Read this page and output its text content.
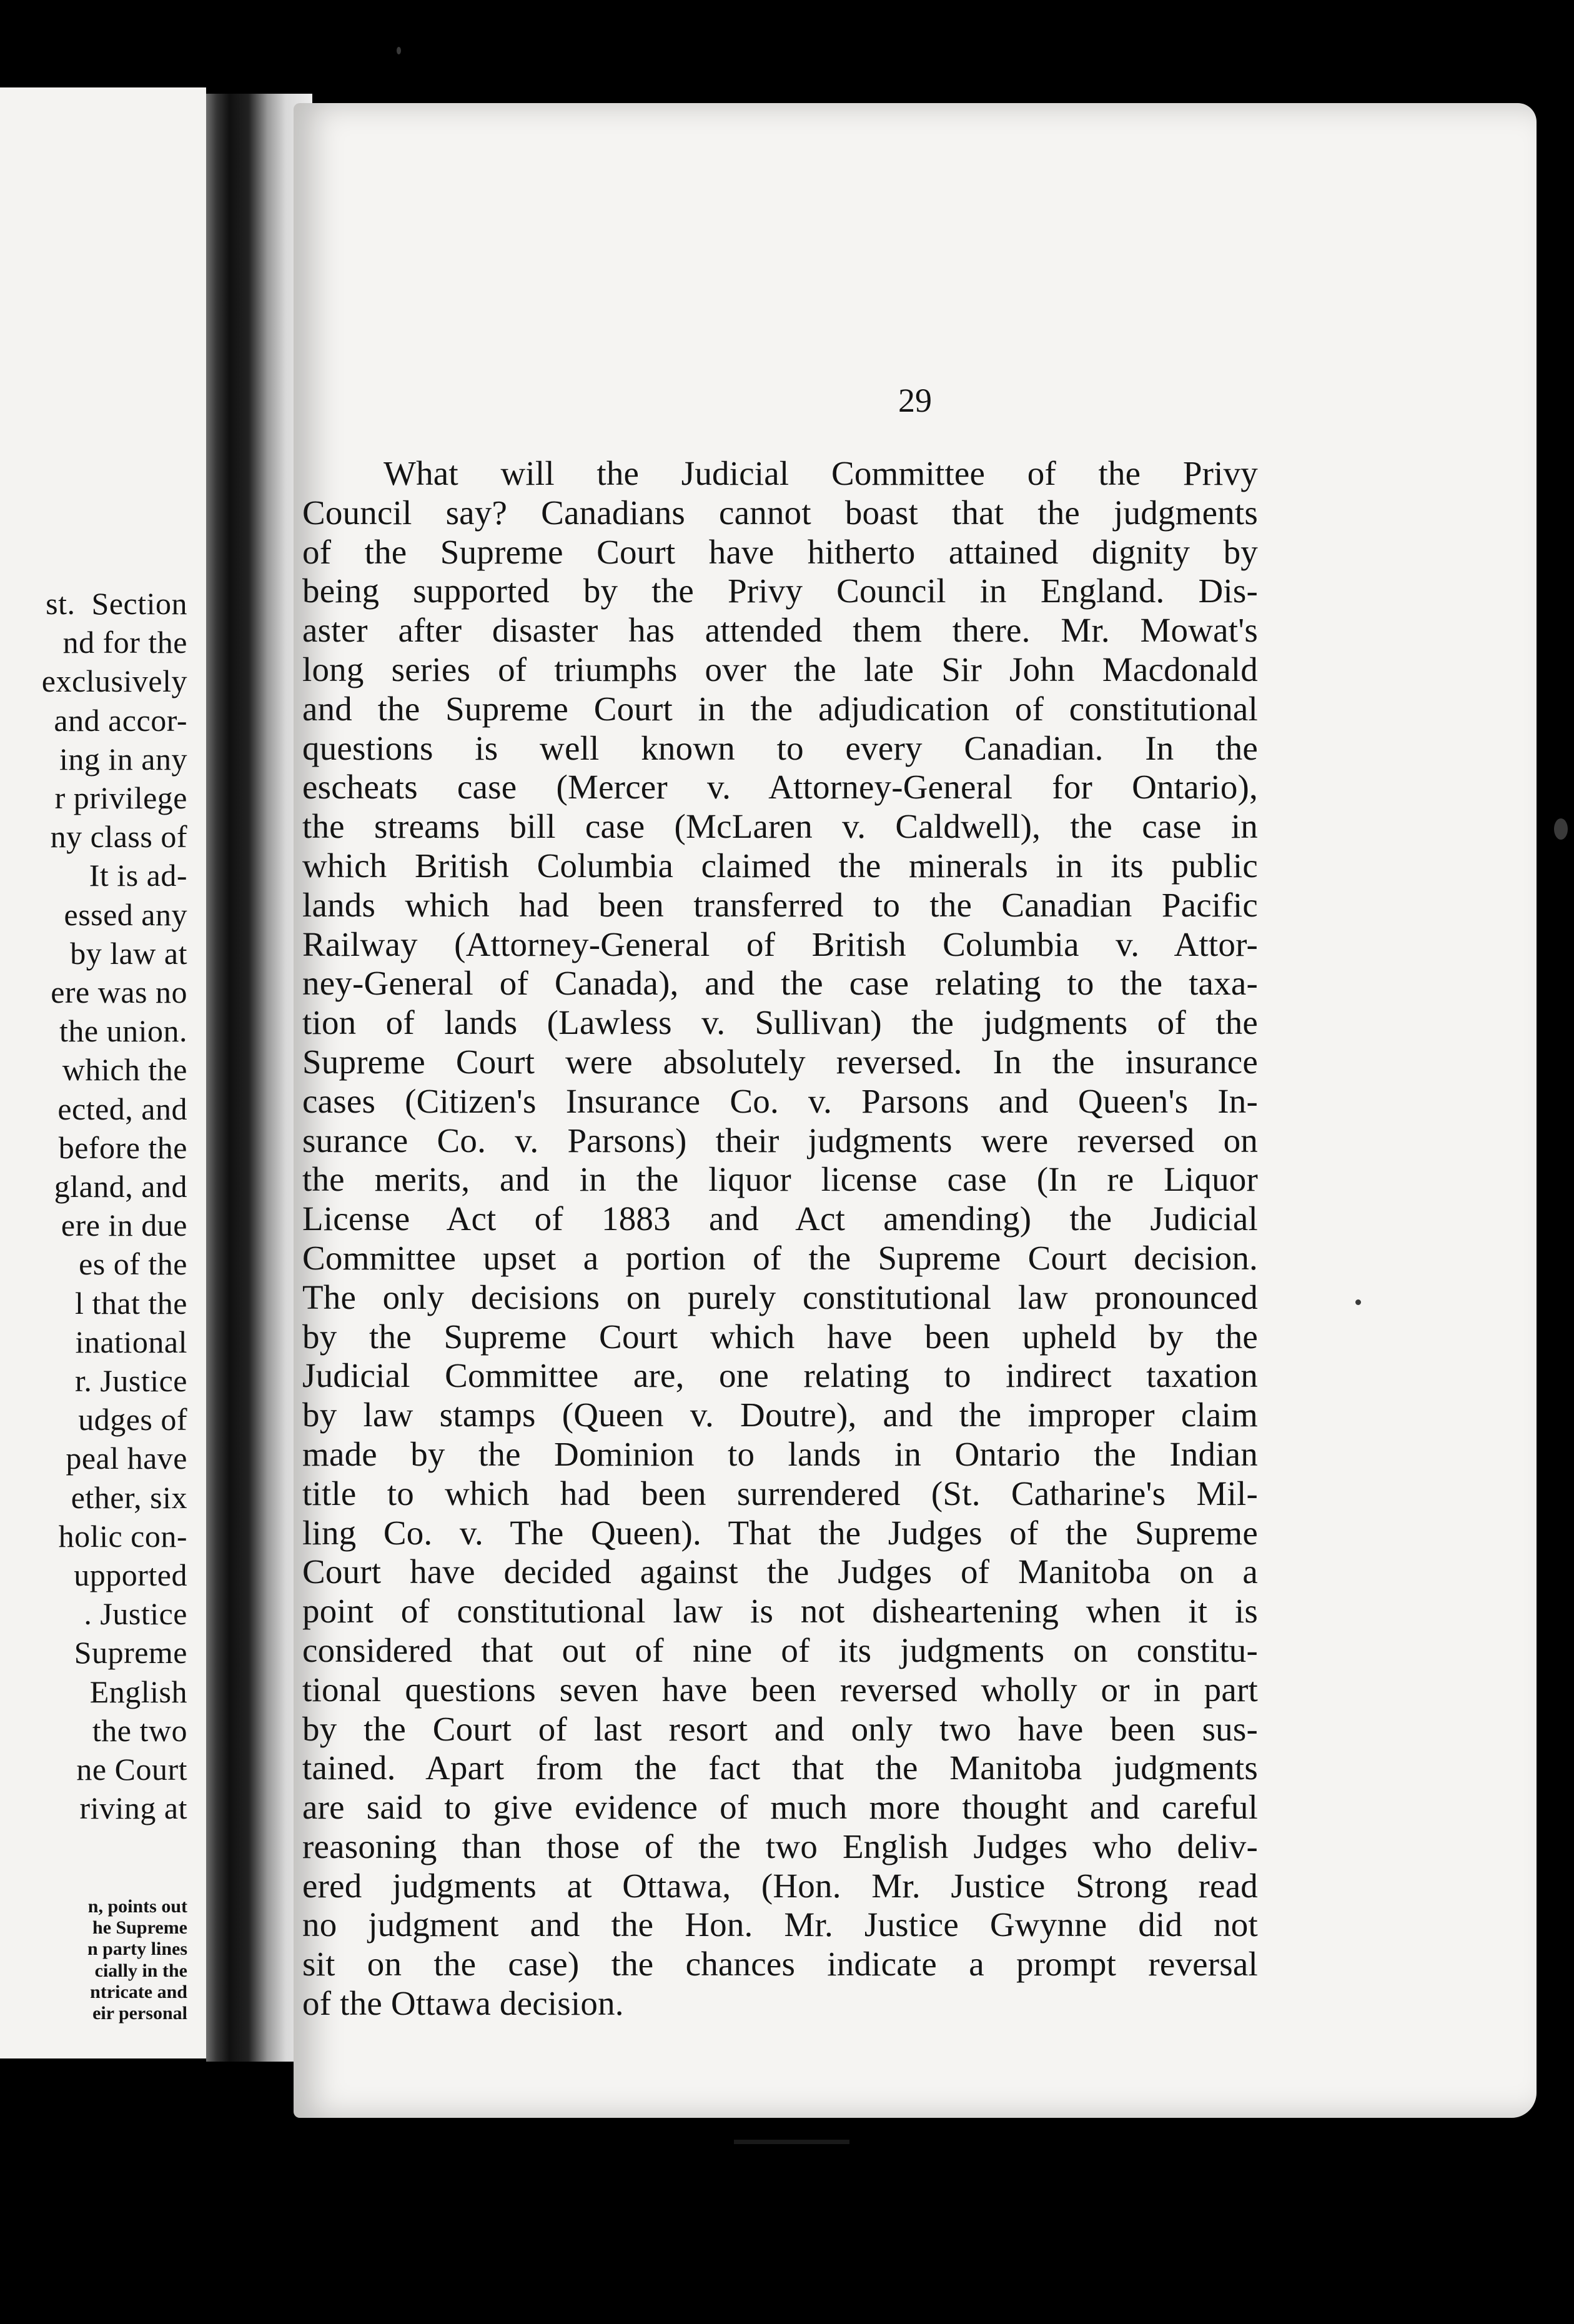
st.  Section
nd for the
exclusively
and accor-
ing in any
r privilege
ny class of
It is ad-
essed any
by law at
ere was no
the union.
which the
ected, and
before the
gland, and
ere in due
es of the
l that the
inational
r. Justice
udges of
peal have
ether, six
holic con-
upported
. Justice
Supreme
English
the two
ne Court
riving at
n, points out
he Supreme
n party lines
cially in the
ntricate and
eir personal
29
What will the Judicial Committee of the Privy
Council say? Canadians cannot boast that the judgments
of the Supreme Court have hitherto attained dignity by
being supported by the Privy Council in England. Dis-
aster after disaster has attended them there. Mr. Mowat's
long series of triumphs over the late Sir John Macdonald
and the Supreme Court in the adjudication of constitutional
questions is well known to every Canadian. In the
escheats case (Mercer v. Attorney-General for Ontario),
the streams bill case (McLaren v. Caldwell), the case in
which British Columbia claimed the minerals in its public
lands which had been transferred to the Canadian Pacific
Railway (Attorney-General of British Columbia v. Attor-
ney-General of Canada), and the case relating to the taxa-
tion of lands (Lawless v. Sullivan) the judgments of the
Supreme Court were absolutely reversed. In the insurance
cases (Citizen's Insurance Co. v. Parsons and Queen's In-
surance Co. v. Parsons) their judgments were reversed on
the merits, and in the liquor license case (In re Liquor
License Act of 1883 and Act amending) the Judicial
Committee upset a portion of the Supreme Court decision.
The only decisions on purely constitutional law pronounced
by the Supreme Court which have been upheld by the
Judicial Committee are, one relating to indirect taxation
by law stamps (Queen v. Doutre), and the improper claim
made by the Dominion to lands in Ontario the Indian
title to which had been surrendered (St. Catharine's Mil-
ling Co. v. The Queen). That the Judges of the Supreme
Court have decided against the Judges of Manitoba on a
point of constitutional law is not disheartening when it is
considered that out of nine of its judgments on constitu-
tional questions seven have been reversed wholly or in part
by the Court of last resort and only two have been sus-
tained. Apart from the fact that the Manitoba judgments
are said to give evidence of much more thought and careful
reasoning than those of the two English Judges who deliv-
ered judgments at Ottawa, (Hon. Mr. Justice Strong read
no judgment and the Hon. Mr. Justice Gwynne did not
sit on the case) the chances indicate a prompt reversal
of the Ottawa decision.
